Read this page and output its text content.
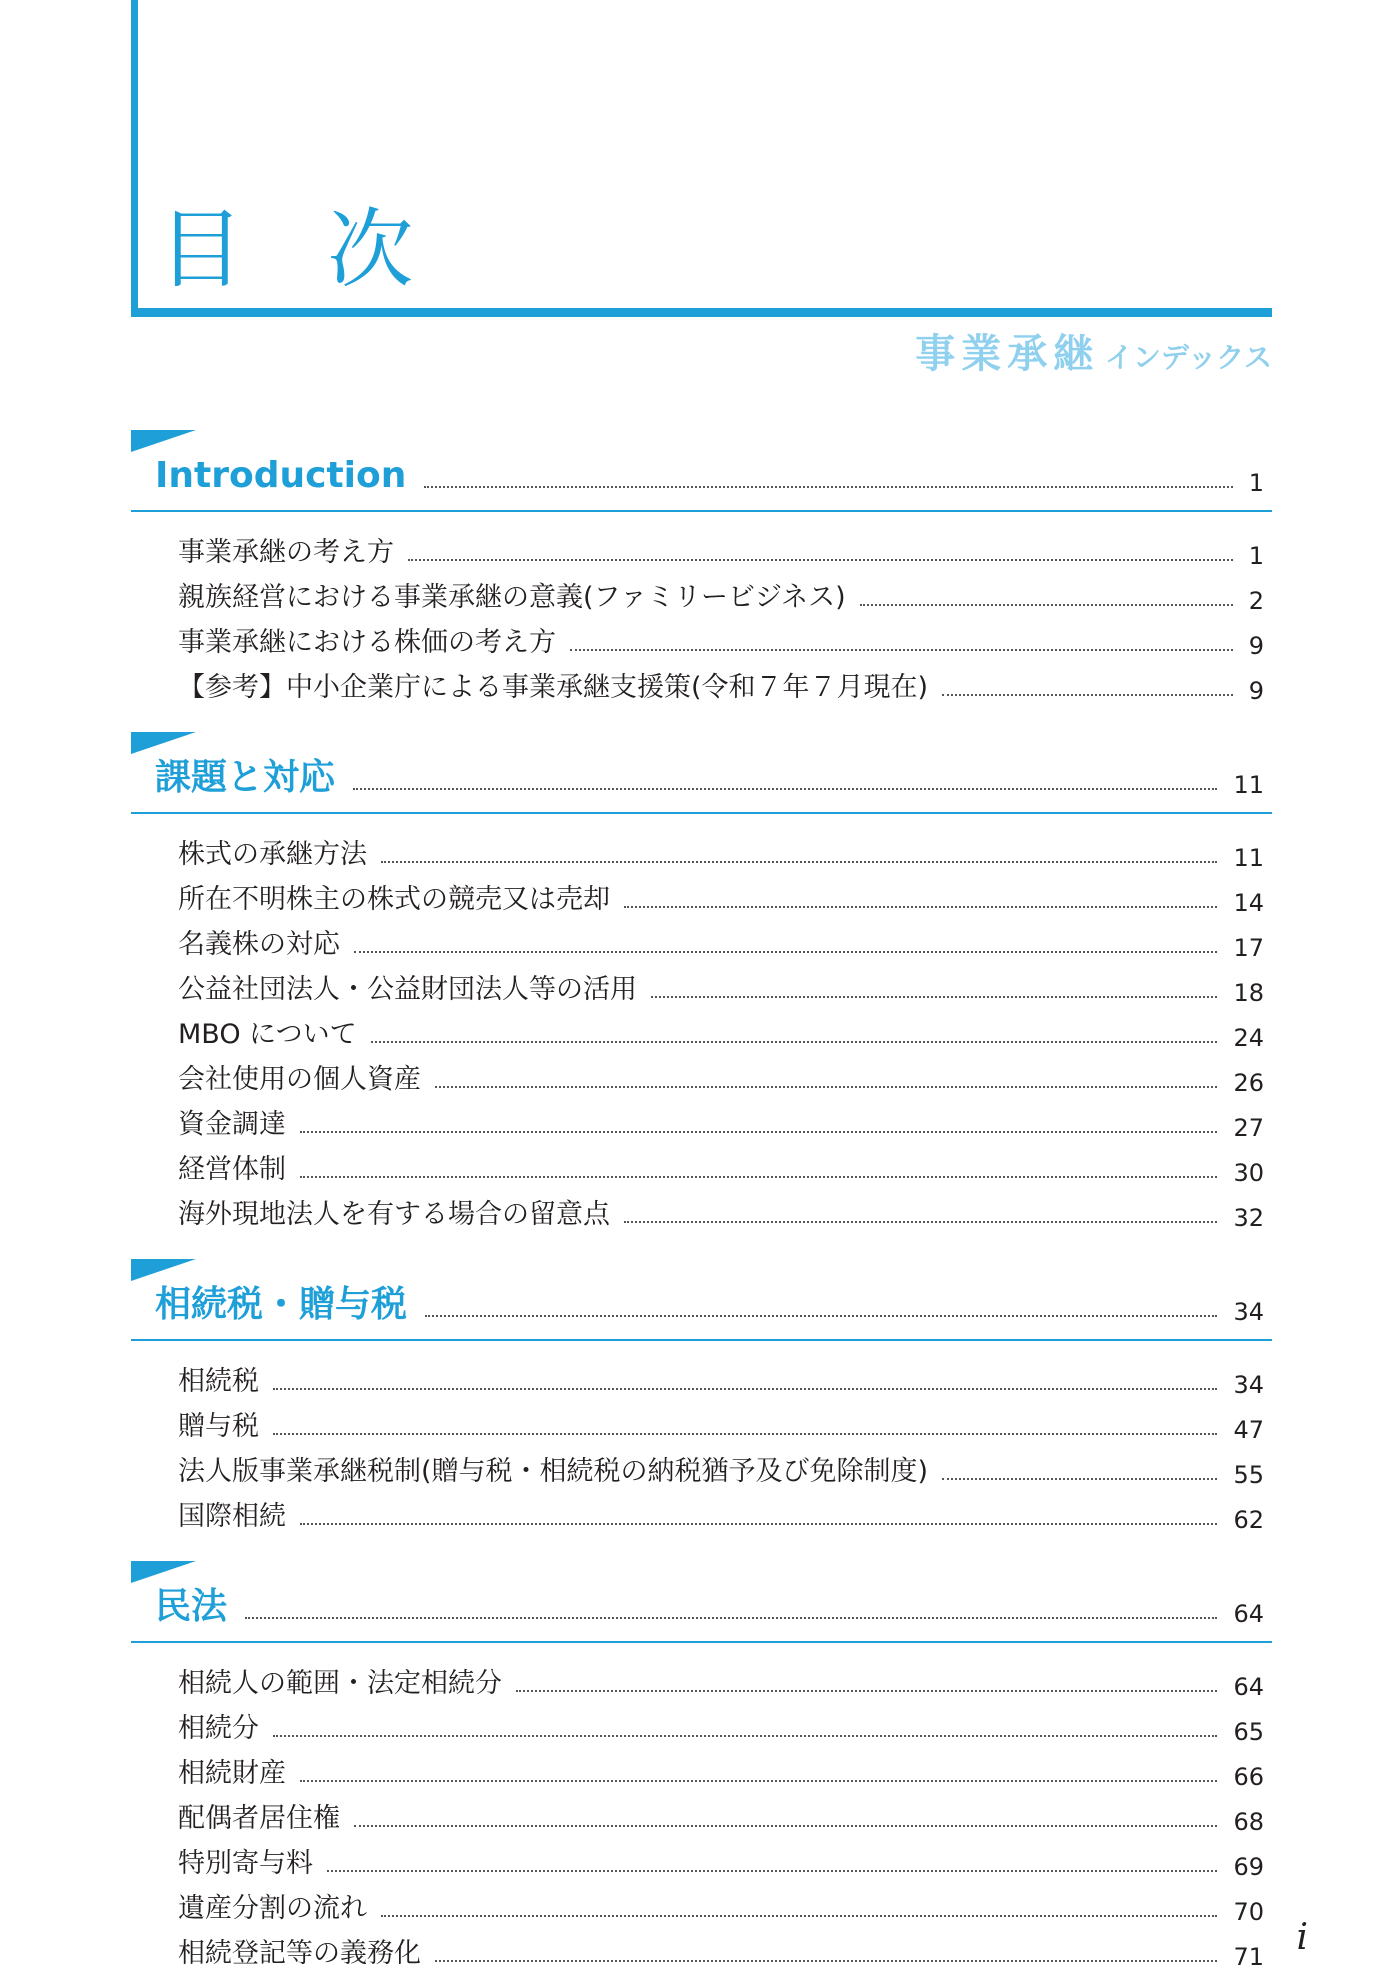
目 次
事業承継 インデックス
Introduction	1
事業承継の考え方	1
親族経営における事業承継の意義(ファミリービジネス)	2
事業承継における株価の考え方	9
【参考】中小企業庁による事業承継支援策(令和７年７月現在)	9
課題と対応	11
株式の承継方法	11
所在不明株主の株式の競売又は売却	14
名義株の対応	17
公益社団法人・公益財団法人等の活用	18
MBO について	24
会社使用の個人資産	26
資金調達	27
経営体制	30
海外現地法人を有する場合の留意点	32
相続税・贈与税	34
相続税	34
贈与税	47
法人版事業承継税制(贈与税・相続税の納税猶予及び免除制度)	55
国際相続	62
民法	64
相続人の範囲・法定相続分	64
相続分	65
相続財産	66
配偶者居住権	68
特別寄与料	69
遺産分割の流れ	70
相続登記等の義務化	71 i
